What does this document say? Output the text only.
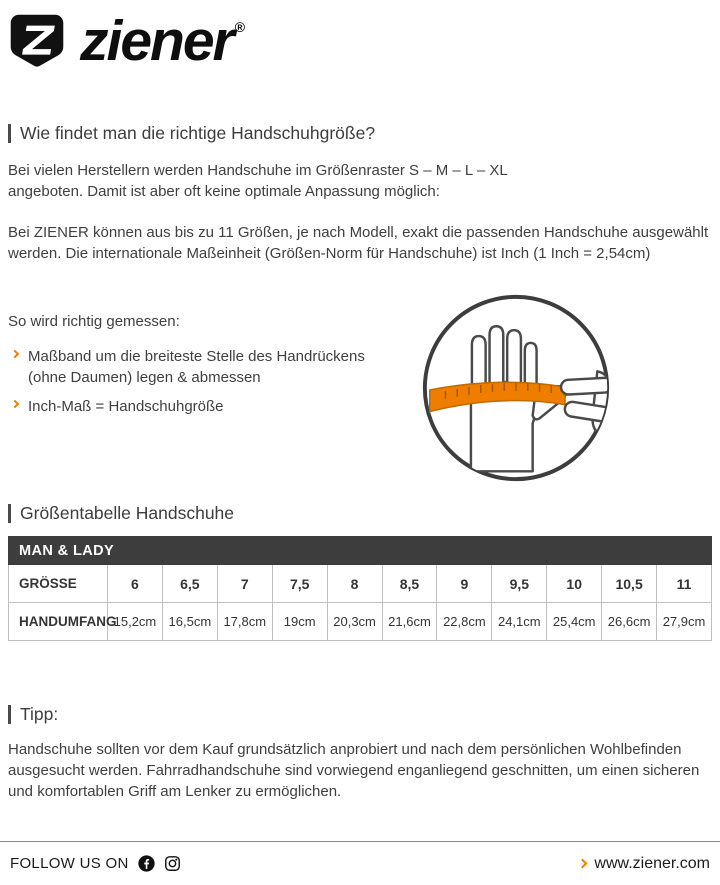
ziener ®
Wie findet man die richtige Handschuhgröße?

Bei vielen Herstellern werden Handschuhe im Größenraster S – M – L – XL angeboten. Damit ist aber oft keine optimale Anpassung möglich:

Bei ZIENER können aus bis zu 11 Größen, je nach Modell, exakt die passenden Handschuhe ausgewählt werden. Die internationale Maßeinheit (Größen-Norm für Handschuhe) ist Inch (1 Inch = 2,54cm)

So wird richtig gemessen:

Maßband um die breiteste Stelle des Handrückens (ohne Daumen) legen & abmessen
Inch-Maß = Handschuhgröße
Größentabelle Handschuhe
MAN & LADY											
GRÖSSE	6	6,5	7	7,5	8	8,5	9	9,5	10	10,5	11
HANDUMFANG	15,2cm	16,5cm	17,8cm	19cm	20,3cm	21,6cm	22,8cm	24,1cm	25,4cm	26,6cm	27,9cm
Tipp:

Handschuhe sollten vor dem Kauf grundsätzlich anprobiert und nach dem persönlichen Wohlbefinden ausgesucht werden. Fahrradhandschuhe sind vorwiegend enganliegend geschnitten, um einen sicheren und komfortablen Griff am Lenker zu ermöglichen.

FOLLOW US ON	www.ziener.com
